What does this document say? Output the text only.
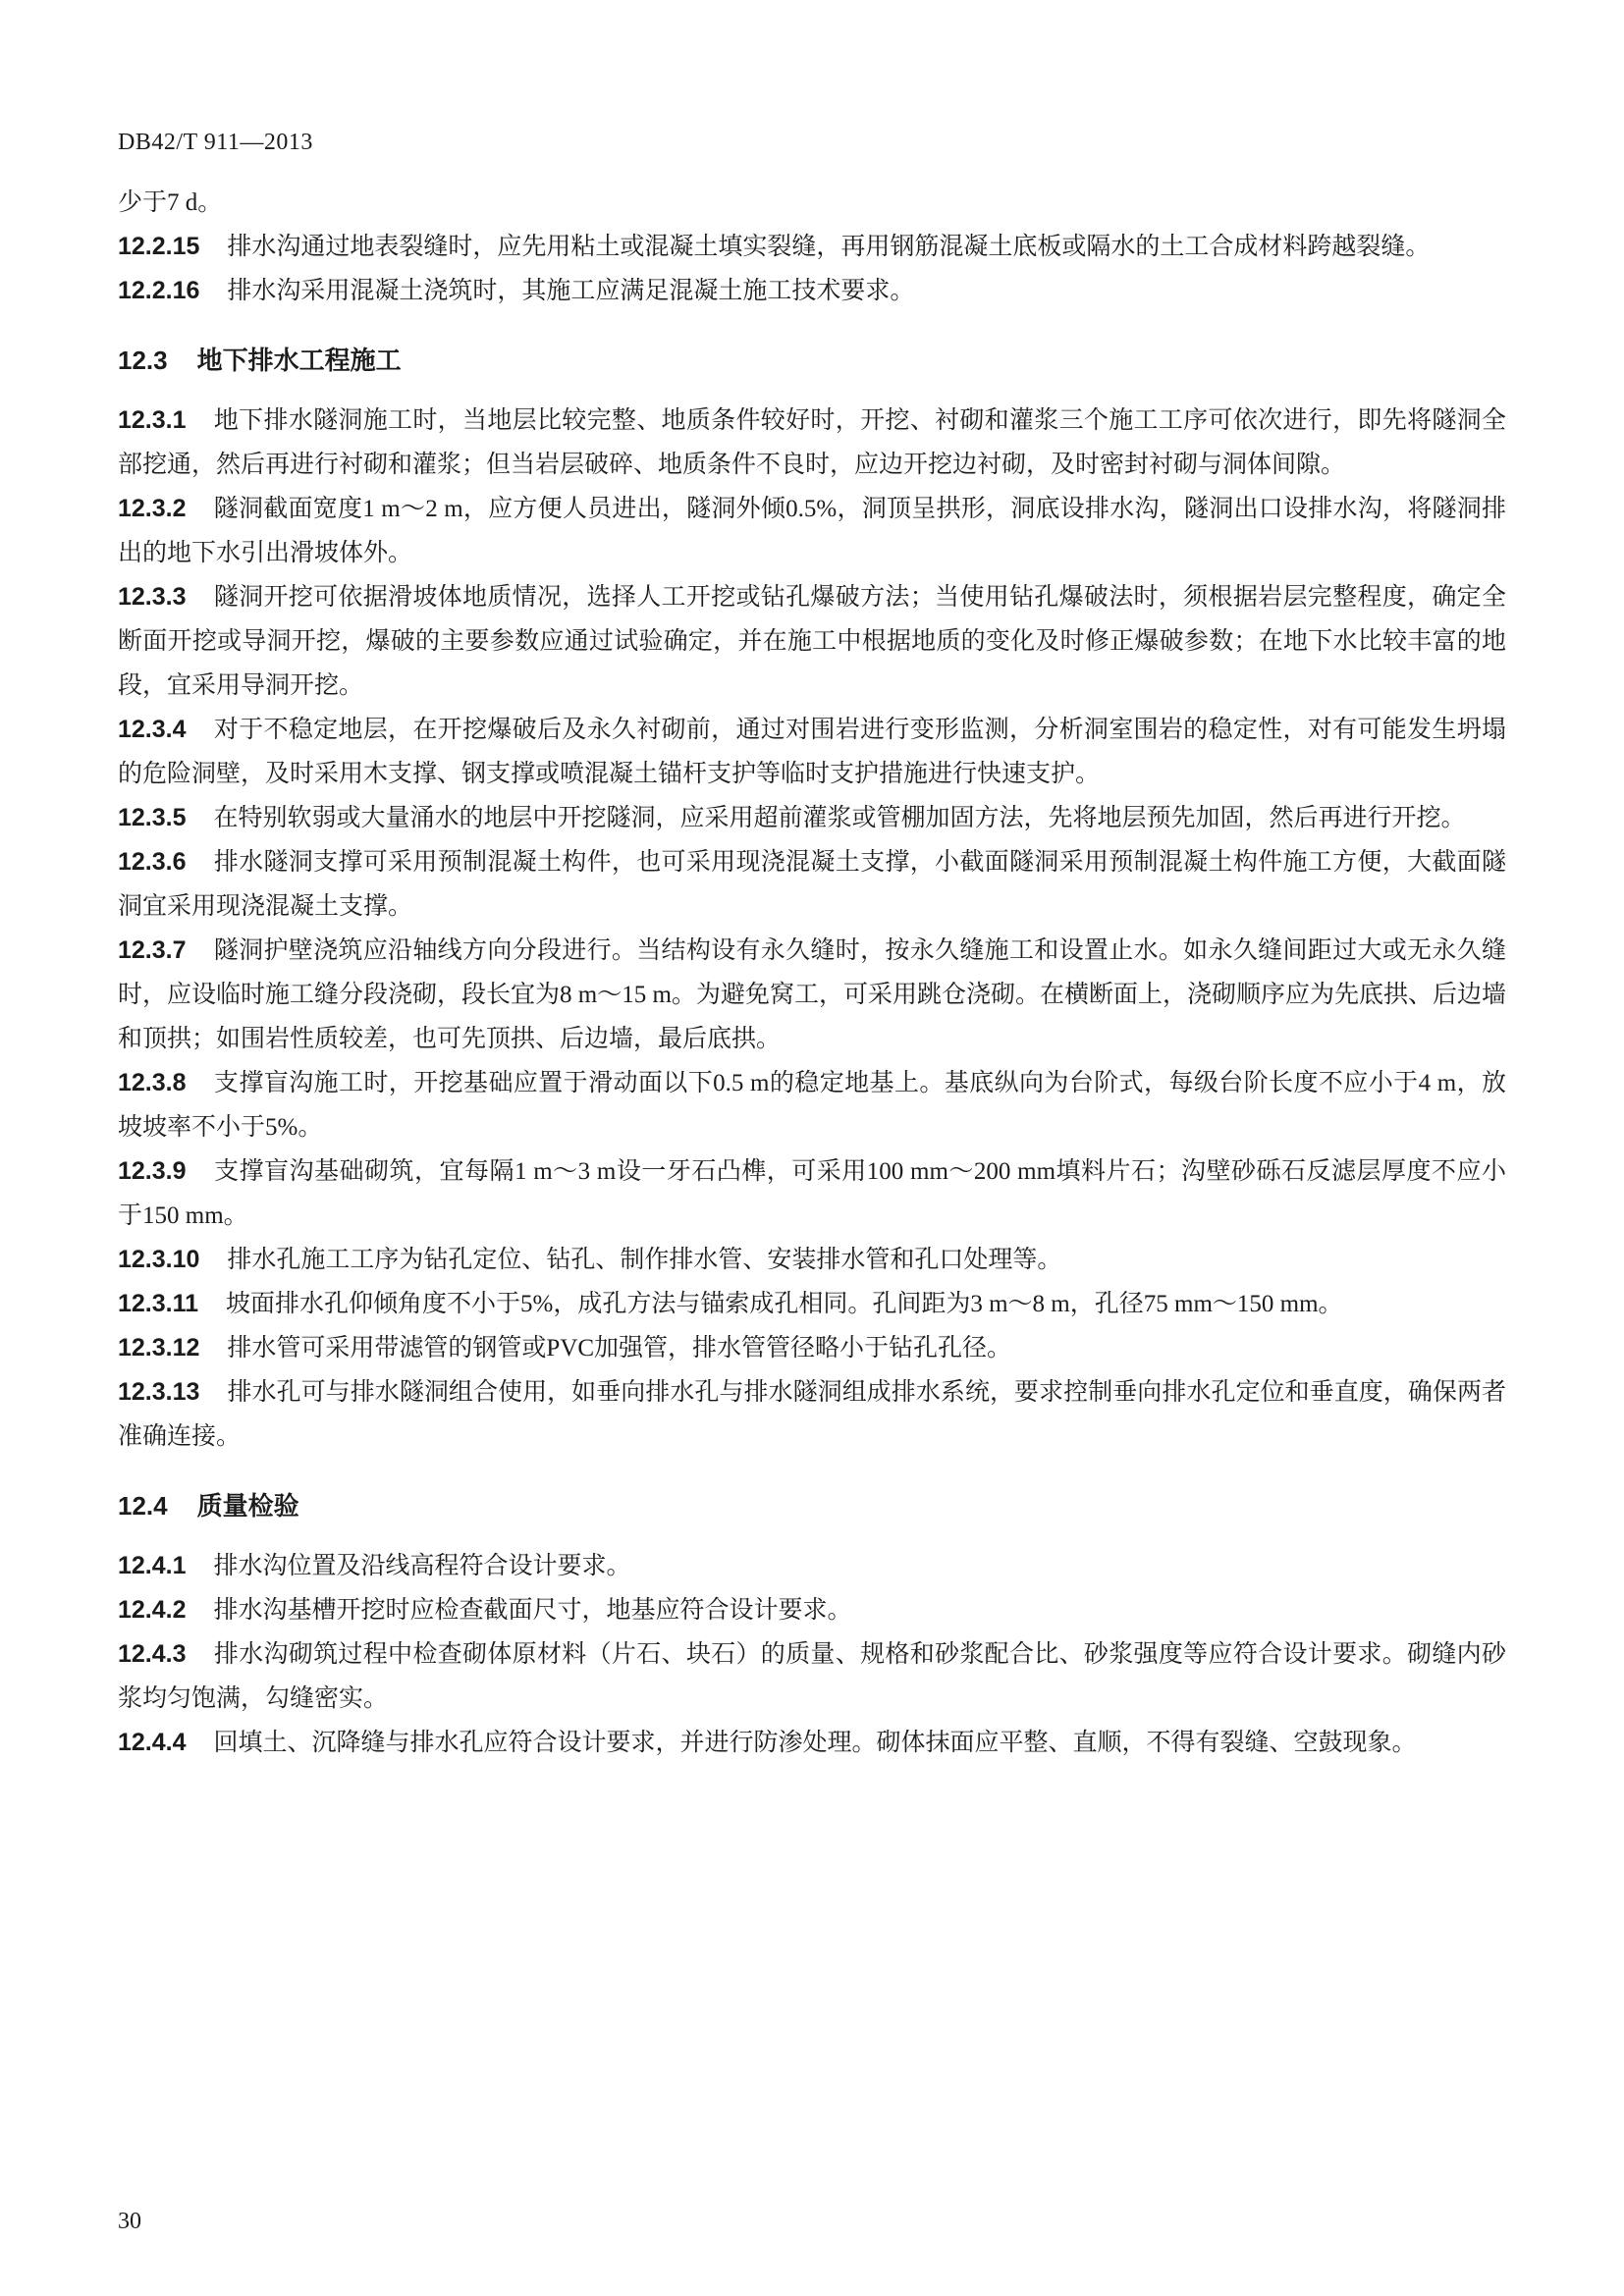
DB42/T 911—2013

少于7 d。

12.2.15 排水沟通过地表裂缝时，应先用粘土或混凝土填实裂缝，再用钢筋混凝土底板或隔水的土工合成材料跨越裂缝。

12.2.16 排水沟采用混凝土浇筑时，其施工应满足混凝土施工技术要求。

12.3 地下排水工程施工

12.3.1 地下排水隧洞施工时，当地层比较完整、地质条件较好时，开挖、衬砌和灌浆三个施工工序可依次进行，即先将隧洞全部挖通，然后再进行衬砌和灌浆；但当岩层破碎、地质条件不良时，应边开挖边衬砌，及时密封衬砌与洞体间隙。

12.3.2 隧洞截面宽度1 m～2 m，应方便人员进出，隧洞外倾0.5%，洞顶呈拱形，洞底设排水沟，隧洞出口设排水沟，将隧洞排出的地下水引出滑坡体外。

12.3.3 隧洞开挖可依据滑坡体地质情况，选择人工开挖或钻孔爆破方法；当使用钻孔爆破法时，须根据岩层完整程度，确定全断面开挖或导洞开挖，爆破的主要参数应通过试验确定，并在施工中根据地质的变化及时修正爆破参数；在地下水比较丰富的地段，宜采用导洞开挖。

12.3.4 对于不稳定地层，在开挖爆破后及永久衬砌前，通过对围岩进行变形监测，分析洞室围岩的稳定性，对有可能发生坍塌的危险洞壁，及时采用木支撑、钢支撑或喷混凝土锚杆支护等临时支护措施进行快速支护。

12.3.5 在特别软弱或大量涌水的地层中开挖隧洞，应采用超前灌浆或管棚加固方法，先将地层预先加固，然后再进行开挖。

12.3.6 排水隧洞支撑可采用预制混凝土构件，也可采用现浇混凝土支撑，小截面隧洞采用预制混凝土构件施工方便，大截面隧洞宜采用现浇混凝土支撑。

12.3.7 隧洞护壁浇筑应沿轴线方向分段进行。当结构设有永久缝时，按永久缝施工和设置止水。如永久缝间距过大或无永久缝时，应设临时施工缝分段浇砌，段长宜为8 m～15 m。为避免窝工，可采用跳仓浇砌。在横断面上，浇砌顺序应为先底拱、后边墙和顶拱；如围岩性质较差，也可先顶拱、后边墙，最后底拱。

12.3.8 支撑盲沟施工时，开挖基础应置于滑动面以下0.5 m的稳定地基上。基底纵向为台阶式，每级台阶长度不应小于4 m，放坡坡率不小于5%。

12.3.9 支撑盲沟基础砌筑，宜每隔1 m～3 m设一牙石凸榫，可采用100 mm～200 mm填料片石；沟壁砂砾石反滤层厚度不应小于150 mm。

12.3.10 排水孔施工工序为钻孔定位、钻孔、制作排水管、安装排水管和孔口处理等。

12.3.11 坡面排水孔仰倾角度不小于5%，成孔方法与锚索成孔相同。孔间距为3 m～8 m，孔径75 mm～150 mm。

12.3.12 排水管可采用带滤管的钢管或PVC加强管，排水管管径略小于钻孔孔径。

12.3.13 排水孔可与排水隧洞组合使用，如垂向排水孔与排水隧洞组成排水系统，要求控制垂向排水孔定位和垂直度，确保两者准确连接。

12.4 质量检验

12.4.1 排水沟位置及沿线高程符合设计要求。

12.4.2 排水沟基槽开挖时应检查截面尺寸，地基应符合设计要求。

12.4.3 排水沟砌筑过程中检查砌体原材料（片石、块石）的质量、规格和砂浆配合比、砂浆强度等应符合设计要求。砌缝内砂浆均匀饱满，勾缝密实。

12.4.4 回填土、沉降缝与排水孔应符合设计要求，并进行防渗处理。砌体抹面应平整、直顺，不得有裂缝、空鼓现象。

30
